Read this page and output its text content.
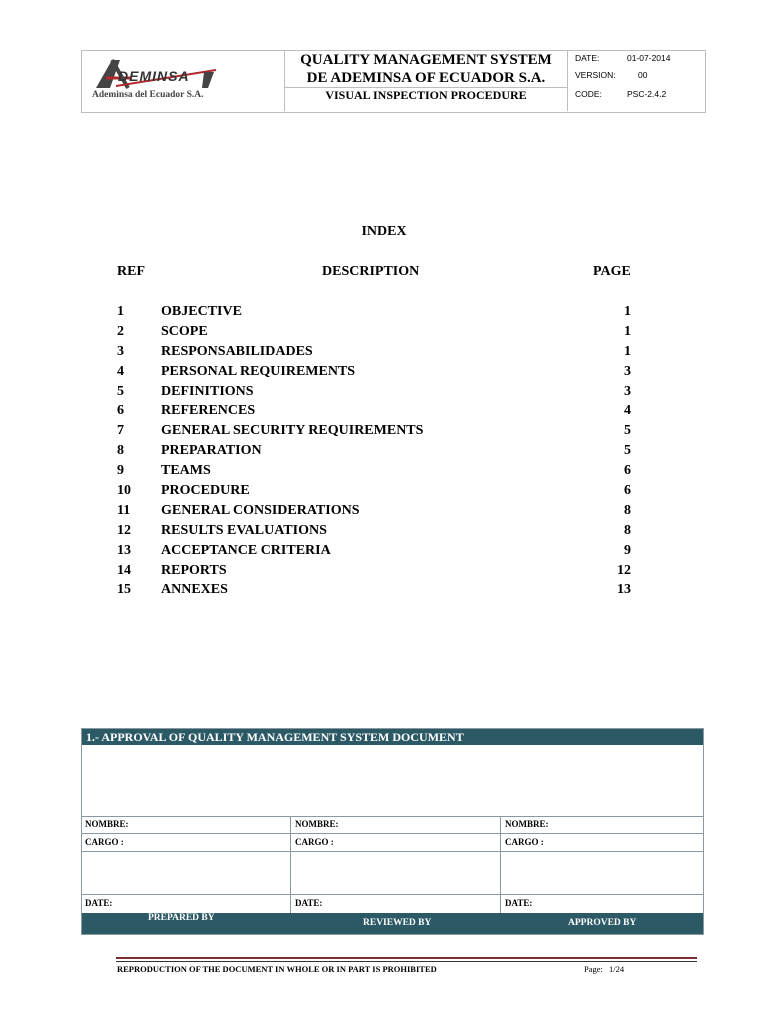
DEMINSA
Ademinsa del Ecuador S.A.
QUALITY MANAGEMENT SYSTEM
DE ADEMINSA OF ECUADOR S.A.
VISUAL INSPECTION PROCEDURE
DATE:	01-07-2014
VERSION:	00
CODE:	PSC-2.4.2
INDEX
REF	DESCRIPTION	PAGE
1	OBJECTIVE	1
2	SCOPE	1
3	RESPONSABILIDADES	1
4	PERSONAL REQUIREMENTS	3
5	DEFINITIONS	3
6	REFERENCES	4
7	GENERAL SECURITY REQUIREMENTS	5
8	PREPARATION	5
9	TEAMS	6
10	PROCEDURE	6
11	GENERAL CONSIDERATIONS	8
12	RESULTS EVALUATIONS	8
13	ACCEPTANCE CRITERIA	9
14	REPORTS	12
15	ANNEXES	13
1.- APPROVAL OF QUALITY MANAGEMENT SYSTEM DOCUMENT
NOMBRE:	NOMBRE:	NOMBRE:
CARGO :	CARGO :	CARGO :
DATE:	DATE:	DATE:
PREPARED BY	REVIEWED BY	APPROVED BY
REPRODUCTION OF THE DOCUMENT IN WHOLE OR IN PART IS PROHIBITED	Page: 1/24
